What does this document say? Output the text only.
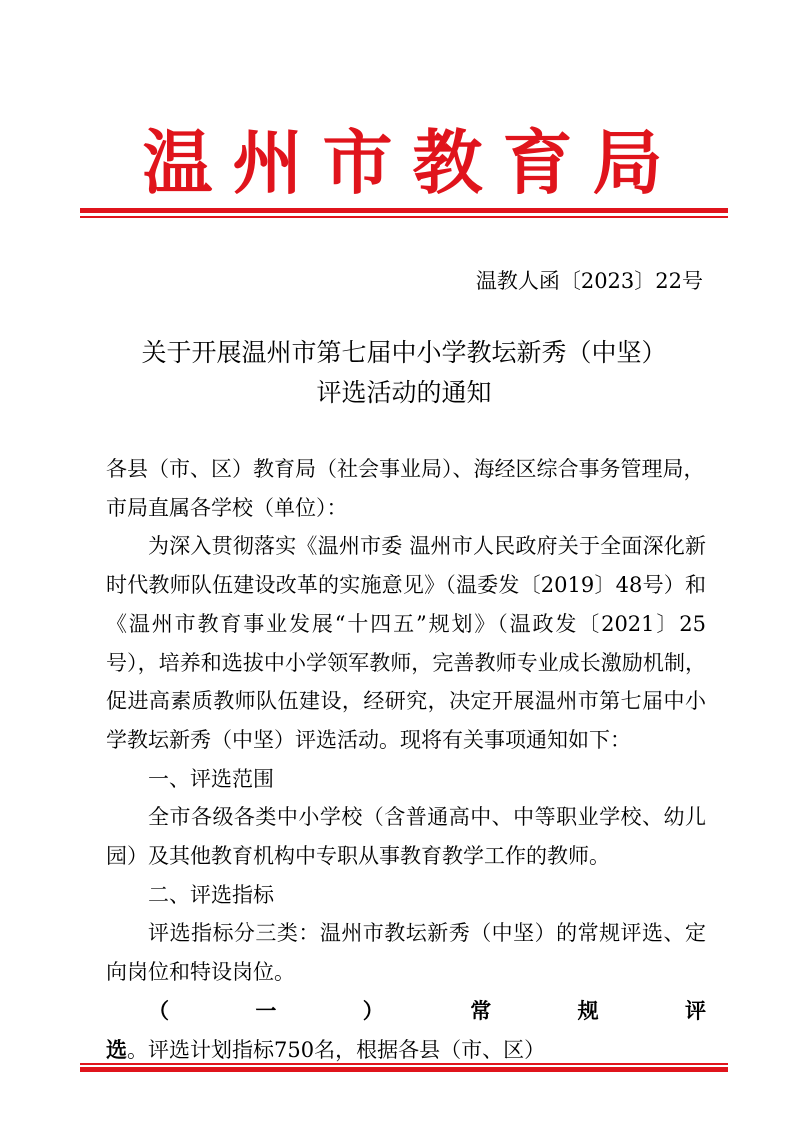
温州市教育局
温教人函〔2023〕22号
关于开展温州市第七届中小学教坛新秀（中坚）
评选活动的通知

各县（市、区）教育局（社会事业局）、海经区综合事务管理局，

市局直属各学校（单位）：

为深入贯彻落实《温州市委 温州市人民政府关于全面深化新时代教师队伍建设改革的实施意见》（温委发〔2019〕48号）和《温州市教育事业发展“十四五”规划》（温政发〔2021〕25号），培养和选拔中小学领军教师，完善教师专业成长激励机制，促进高素质教师队伍建设，经研究，决定开展温州市第七届中小学教坛新秀（中坚）评选活动。现将有关事项通知如下：

一、评选范围

全市各级各类中小学校（含普通高中、中等职业学校、幼儿园）及其他教育机构中专职从事教育教学工作的教师。

二、评选指标

评选指标分三类：温州市教坛新秀（中坚）的常规评选、定向岗位和特设岗位。

（一）常规评选。评选计划指标750名，根据各县（市、区）
